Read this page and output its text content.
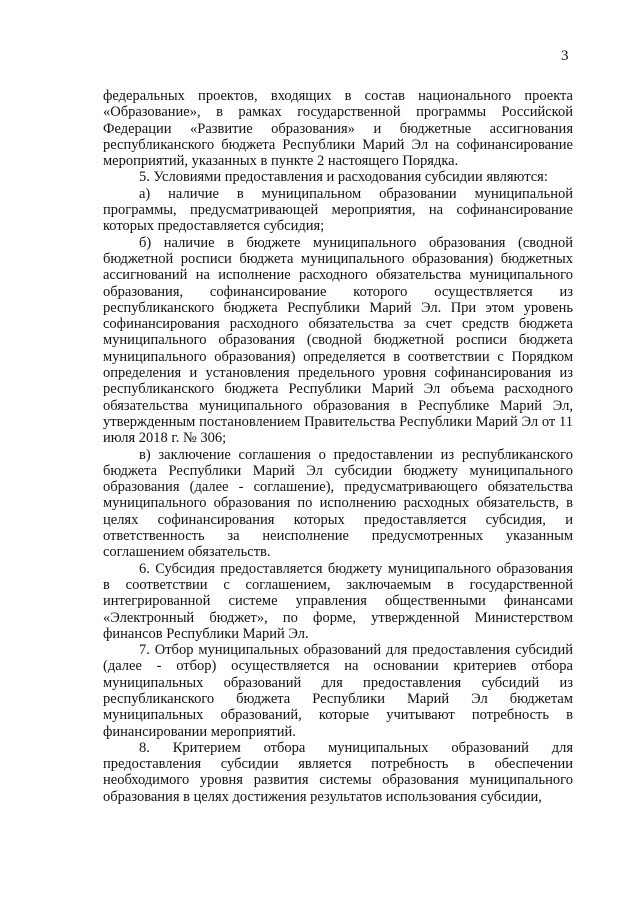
3

федеральных проектов, входящих в состав национального проекта «Образование», в рамках государственной программы Российской Федерации «Развитие образования» и бюджетные ассигнования республиканского бюджета Республики Марий Эл на софинансирование мероприятий, указанных в пункте 2 настоящего Порядка.

5. Условиями предоставления и расходования субсидии являются:

а) наличие в муниципальном образовании муниципальной программы, предусматривающей мероприятия, на софинансирование которых предоставляется субсидия;

б) наличие в бюджете муниципального образования (сводной бюджетной росписи бюджета муниципального образования) бюджетных ассигнований на исполнение расходного обязательства муниципального образования, софинансирование которого осуществляется из республиканского бюджета Республики Марий Эл. При этом уровень софинансирования расходного обязательства за счет средств бюджета муниципального образования (сводной бюджетной росписи бюджета муниципального образования) определяется в соответствии с Порядком определения и установления предельного уровня софинансирования из республиканского бюджета Республики Марий Эл объема расходного обязательства муниципального образования в Республике Марий Эл, утвержденным постановлением Правительства Республики Марий Эл от 11 июля 2018 г. № 306;

в) заключение соглашения о предоставлении из республиканского бюджета Республики Марий Эл субсидии бюджету муниципального образования (далее - соглашение), предусматривающего обязательства муниципального образования по исполнению расходных обязательств, в целях софинансирования которых предоставляется субсидия, и ответственность за неисполнение предусмотренных указанным соглашением обязательств.

6. Субсидия предоставляется бюджету муниципального образования в соответствии с соглашением, заключаемым в государственной интегрированной системе управления общественными финансами «Электронный бюджет», по форме, утвержденной Министерством финансов Республики Марий Эл.

7. Отбор муниципальных образований для предоставления субсидий (далее - отбор) осуществляется на основании критериев отбора муниципальных образований для предоставления субсидий из республиканского бюджета Республики Марий Эл бюджетам муниципальных образований, которые учитывают потребность в финансировании мероприятий.

8. Критерием отбора муниципальных образований для предоставления субсидии является потребность в обеспечении необходимого уровня развития системы образования муниципального образования в целях достижения результатов использования субсидии,
